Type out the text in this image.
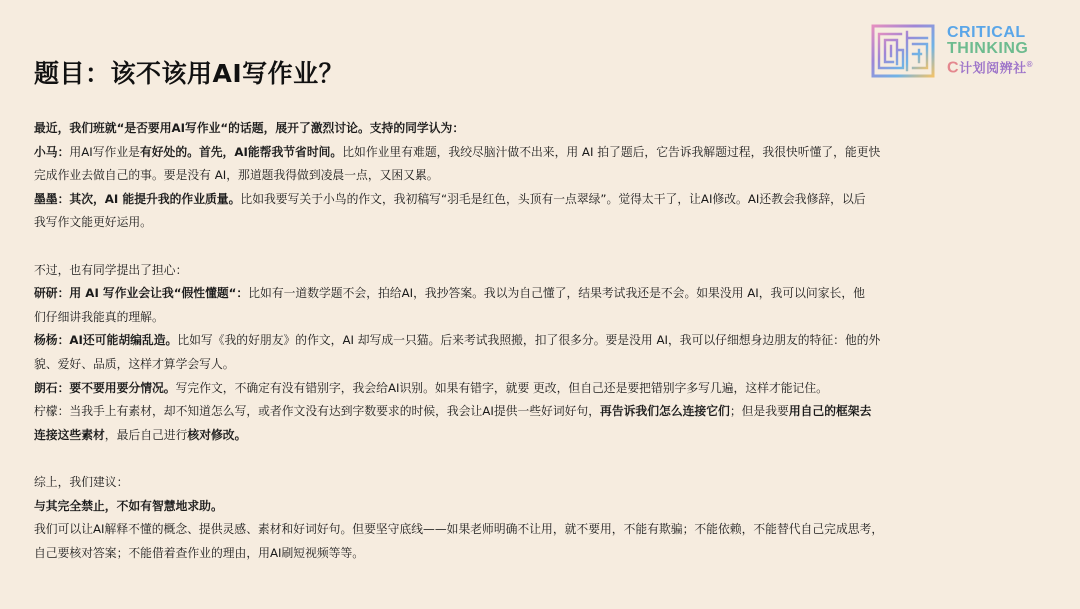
题目：该不该用AI写作业？
CRITICAL
THINKING
C计划阅辨社®

最近，我们班就“是否要用AI写作业“的话题，展开了激烈讨论。支持的同学认为：

小马：用AI写作业是有好处的。首先，AI能帮我节省时间。比如作业里有难题，我绞尽脑汁做不出来，用 AI 拍了题后，它告诉我解题过程，我很快听懂了，能更快

完成作业去做自己的事。要是没有 AI，那道题我得做到凌晨一点，又困又累。

墨墨：其次，AI 能提升我的作业质量。比如我要写关于小鸟的作文，我初稿写“羽毛是红色，头顶有一点翠绿”。觉得太干了，让AI修改。AI还教会我修辞，以后

我写作文能更好运用。

不过，也有同学提出了担心：

研研：用 AI 写作业会让我“假性懂题“：比如有一道数学题不会，拍给AI，我抄答案。我以为自己懂了，结果考试我还是不会。如果没用 AI，我可以问家长，他

们仔细讲我能真的理解。

杨杨：AI还可能胡编乱造。比如写《我的好朋友》的作文，AI 却写成一只猫。后来考试我照搬，扣了很多分。要是没用 AI，我可以仔细想身边朋友的特征：他的外

貌、爱好、品质，这样才算学会写人。

朗石：要不要用要分情况。写完作文，不确定有没有错别字，我会给AI识别。如果有错字，就要 更改，但自己还是要把错别字多写几遍，这样才能记住。

柠檬：当我手上有素材，却不知道怎么写，或者作文没有达到字数要求的时候，我会让AI提供一些好词好句，再告诉我们怎么连接它们；但是我要用自己的框架去

连接这些素材，最后自己进行核对修改。

综上，我们建议：

与其完全禁止，不如有智慧地求助。

我们可以让AI解释不懂的概念、提供灵感、素材和好词好句。但要坚守底线——如果老师明确不让用，就不要用，不能有欺骗；不能依赖，不能替代自己完成思考，

自己要核对答案；不能借着查作业的理由，用AI刷短视频等等。
